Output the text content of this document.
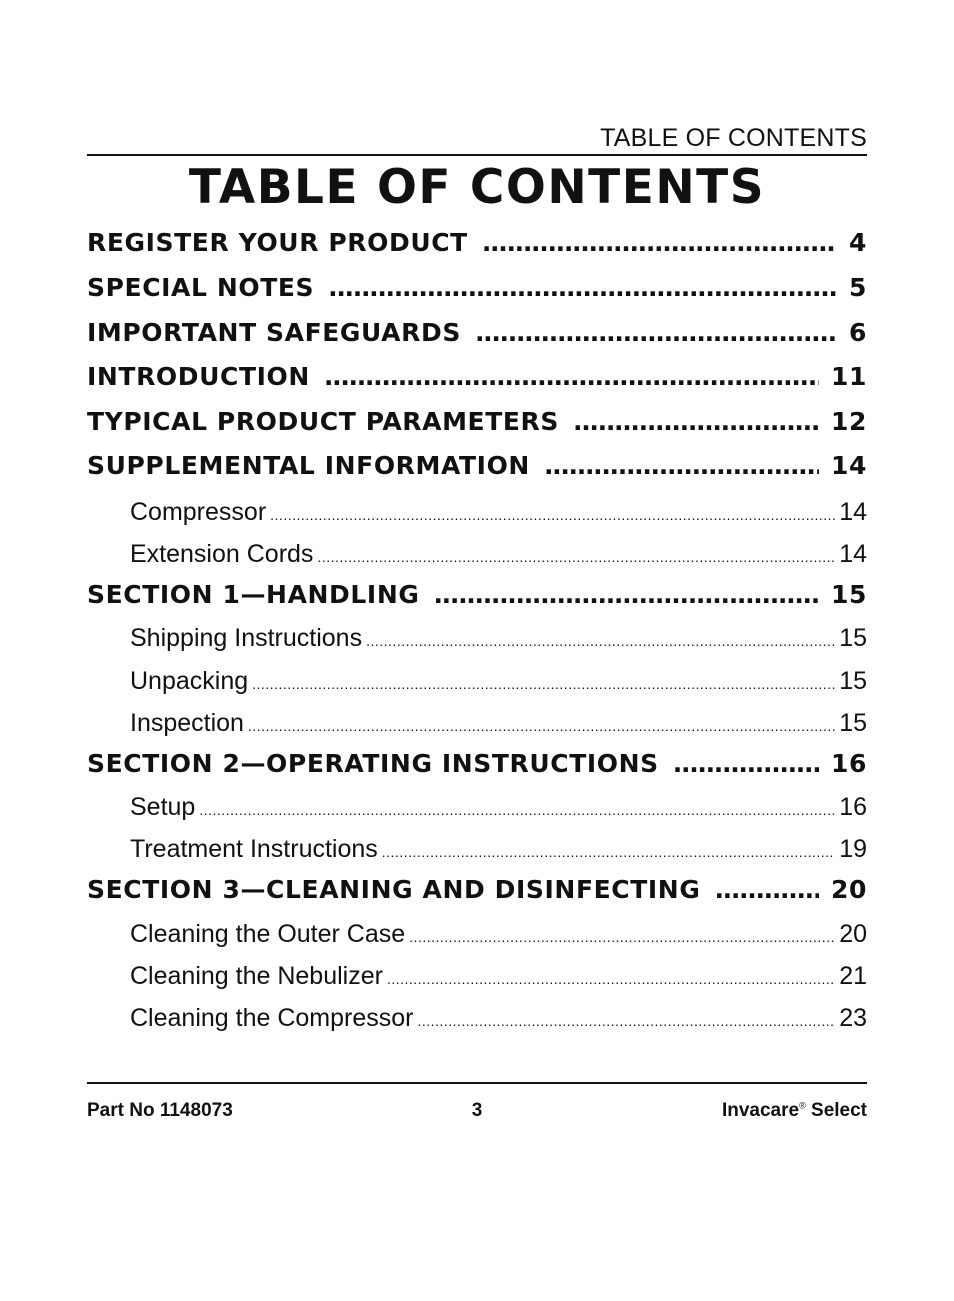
TABLE OF CONTENTS
TABLE OF CONTENTS
REGISTER YOUR PRODUCT . . .	4
SPECIAL NOTES . . .	5
IMPORTANT SAFEGUARDS . . .	6
INTRODUCTION . . .	11
TYPICAL PRODUCT PARAMETERS . . .	12
SUPPLEMENTAL INFORMATION . . .	14
Compressor .....	14
Extension Cords .....	14
SECTION 1—HANDLING . . .	15
Shipping Instructions .....	15
Unpacking .....	15
Inspection .....	15
SECTION 2—OPERATING INSTRUCTIONS . . .	16
Setup .....	16
Treatment Instructions .....	19
SECTION 3—CLEANING AND DISINFECTING . . .	20
Cleaning the Outer Case .....	20
Cleaning the Nebulizer .....	21
Cleaning the Compressor .....	23
Part No 1148073	3	Invacare® Select
